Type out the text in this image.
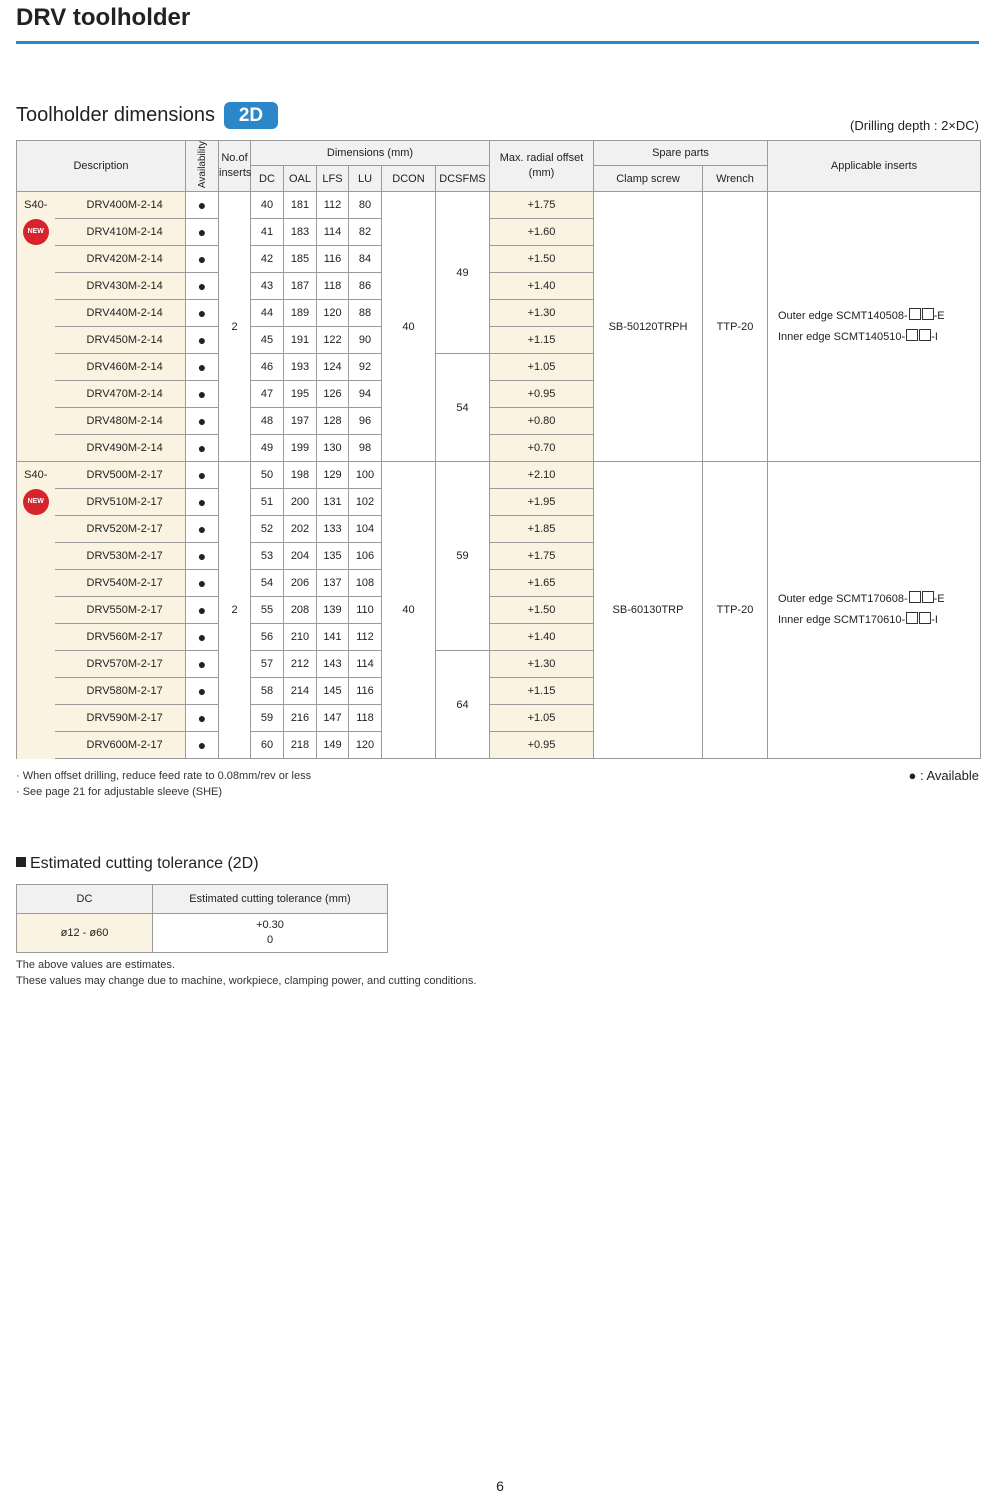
DRV toolholder
Toolholder dimensions	2D	(Drilling depth : 2×DC)
Description		Availability	No.of
inserts	Dimensions (mm)						Max. radial offset
(mm)	Spare parts		Applicable inserts
				DC	OAL	LFS	LU	DCON	DCSFMS		Clamp screw	Wrench	
S40-	DRV400M-2-14	●	2	40	181	112	80	40	49	+1.75	SB-50120TRPH	TTP-20	Outer edge SCMT140508- -E
Inner edge SCMT140510- -I

NEW	DRV410M-2-14	●		41	183	114	82			+1.60			
	DRV420M-2-14	●		42	185	116	84			+1.50			
	DRV430M-2-14	●		43	187	118	86			+1.40			
	DRV440M-2-14	●		44	189	120	88			+1.30			
	DRV450M-2-14	●		45	191	122	90			+1.15			
	DRV460M-2-14	●		46	193	124	92		54	+1.05			
	DRV470M-2-14	●		47	195	126	94			+0.95			
	DRV480M-2-14	●		48	197	128	96			+0.80			
	DRV490M-2-14	●		49	199	130	98			+0.70			
S40-	DRV500M-2-17	●	2	50	198	129	100	40	59	+2.10	SB-60130TRP	TTP-20	Outer edge SCMT170608- -E
Inner edge SCMT170610- -I

NEW	DRV510M-2-17	●		51	200	131	102			+1.95			
	DRV520M-2-17	●		52	202	133	104			+1.85			
	DRV530M-2-17	●		53	204	135	106			+1.75			
	DRV540M-2-17	●		54	206	137	108			+1.65			
	DRV550M-2-17	●		55	208	139	110			+1.50			
	DRV560M-2-17	●		56	210	141	112			+1.40			
	DRV570M-2-17	●		57	212	143	114		64	+1.30			
	DRV580M-2-17	●		58	214	145	116			+1.15			
	DRV590M-2-17	●		59	216	147	118			+1.05			
	DRV600M-2-17	●		60	218	149	120			+0.95			
· When offset drilling, reduce feed rate to 0.08mm/rev or less
· See page 21 for adjustable sleeve (SHE)
● : Available
Estimated cutting tolerance (2D)
DC	Estimated cutting tolerance (mm)
ø12 - ø60	+0.30
0
The above values are estimates.
These values may change due to machine, workpiece, clamping power, and cutting conditions.
6
